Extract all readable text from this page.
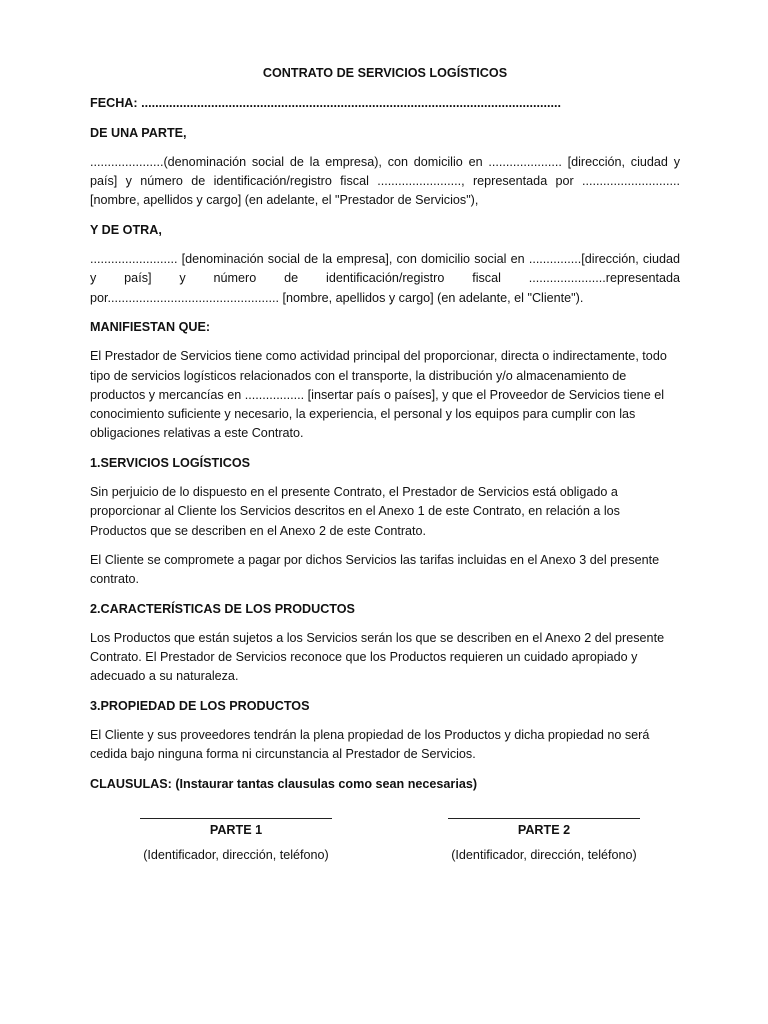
CONTRATO DE SERVICIOS LOGÍSTICOS
FECHA: ........................................................................................................................
DE UNA PARTE,

.....................(denominación social de la empresa), con domicilio en ..................... [dirección, ciudad y país] y número de identificación/registro fiscal ........................, representada por ............................ [nombre, apellidos y cargo] (en adelante, el "Prestador de Servicios"),

Y DE OTRA,

......................... [denominación social de la empresa], con domicilio social en ...............[dirección, ciudad y país] y número de identificación/registro fiscal ......................representada por................................................. [nombre, apellidos y cargo] (en adelante, el "Cliente").

MANIFIESTAN QUE:

El Prestador de Servicios tiene como actividad principal del proporcionar, directa o indirectamente, todo tipo de servicios logísticos relacionados con el transporte, la distribución y/o almacenamiento de productos y mercancías en ................. [insertar país o países], y que el Proveedor de Servicios tiene el conocimiento suficiente y necesario, la experiencia, el personal y los equipos para cumplir con las obligaciones relativas a este Contrato.

1.SERVICIOS LOGÍSTICOS

Sin perjuicio de lo dispuesto en el presente Contrato, el Prestador de Servicios está obligado a proporcionar al Cliente los Servicios descritos en el Anexo 1 de este Contrato, en relación a los Productos que se describen en el Anexo 2 de este Contrato.

El Cliente se compromete a pagar por dichos Servicios las tarifas incluidas en el Anexo 3 del presente contrato.

2.CARACTERÍSTICAS DE LOS PRODUCTOS

Los Productos que están sujetos a los Servicios serán los que se describen en el Anexo 2 del presente Contrato. El Prestador de Servicios reconoce que los Productos requieren un cuidado apropiado y adecuado a su naturaleza.

3.PROPIEDAD DE LOS PRODUCTOS

El Cliente y sus proveedores tendrán la plena propiedad de los Productos y dicha propiedad no será cedida bajo ninguna forma ni circunstancia al Prestador de Servicios.

CLAUSULAS: (Instaurar tantas clausulas como sean necesarias)
PARTE 1
(Identificador, dirección, teléfono)
PARTE 2
(Identificador, dirección, teléfono)
